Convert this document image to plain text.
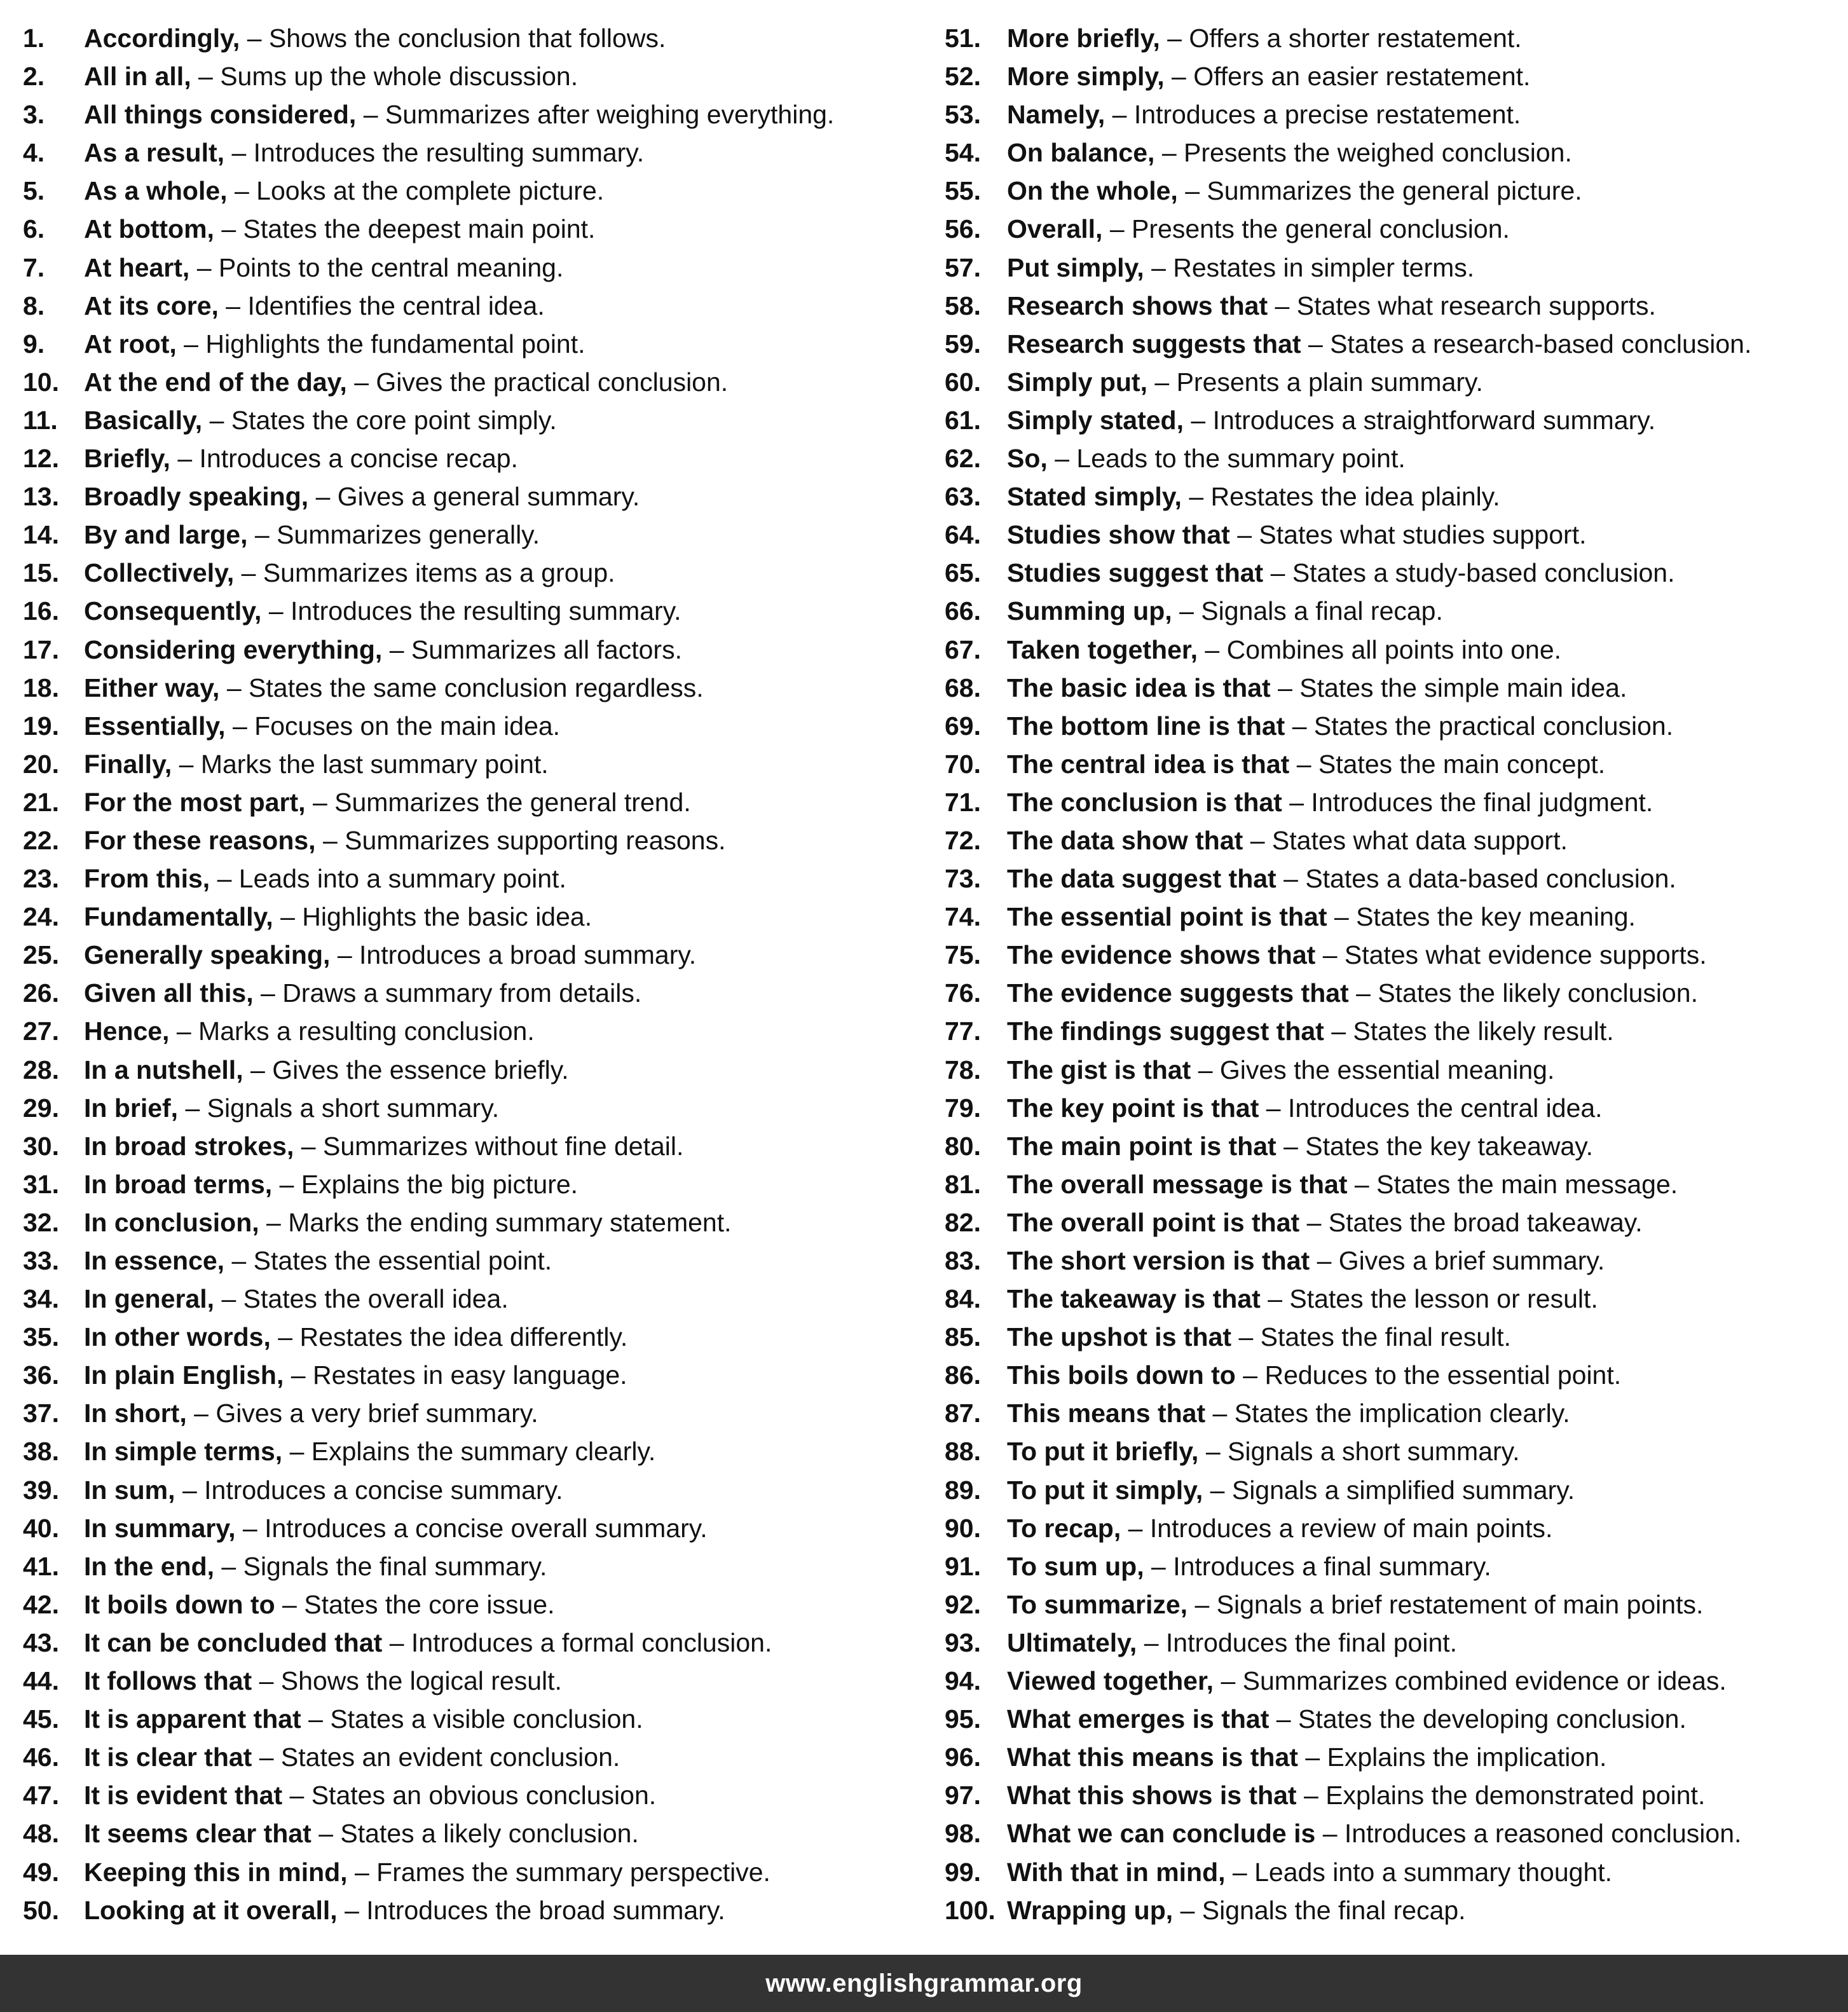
1.	Accordingly,
– Shows the conclusion that follows.
2.	All in all,
– Sums up the whole discussion.
3.	All things considered,
– Summarizes after weighing everything.
4.	As a result,
– Introduces the resulting summary.
5.	As a whole,
– Looks at the complete picture.
6.	At bottom,
– States the deepest main point.
7.	At heart,
– Points to the central meaning.
8.	At its core,
– Identifies the central idea.
9.	At root,
– Highlights the fundamental point.
10. At the end of the day,
– Gives the practical conclusion.
11.	Basically,
– States the core point simply.
12. Briefly,
– Introduces a concise recap.
13. Broadly speaking,
– Gives a general summary.
14. By and large,
– Summarizes generally.
15. Collectively,
– Summarizes items as a group.
16. Consequently,
– Introduces the resulting summary.
17. Considering everything,
– Summarizes all factors.
18. Either way,
– States the same conclusion regardless.
19. Essentially,
– Focuses on the main idea.
20. Finally,
– Marks the last summary point.
21. For the most part,
– Summarizes the general trend.
22. For these reasons,
– Summarizes supporting reasons.
23. From this,
– Leads into a summary point.
24. Fundamentally,
– Highlights the basic idea.
25. Generally speaking,
– Introduces a broad summary.
26. Given all this,
– Draws a summary from details.
27. Hence,
– Marks a resulting conclusion.
28. In a nutshell,
– Gives the essence briefly.
29. In brief,
– Signals a short summary.
30. In broad strokes,
– Summarizes without fine detail.
31. In broad terms,
– Explains the big picture.
32. In conclusion,
– Marks the ending summary statement.
33. In essence,
– States the essential point.
34. In general,
– States the overall idea.
35. In other words,
– Restates the idea differently.
36. In plain English,
– Restates in easy language.
37. In short,
– Gives a very brief summary.
38. In simple terms,
– Explains the summary clearly.
39. In sum,
– Introduces a concise summary.
40. In summary,
– Introduces a concise overall summary.
41. In the end,
– Signals the final summary.
42. It boils down to
– States the core issue.
43. It can be concluded that
– Introduces a formal conclusion.
44. It follows that
– Shows the logical result.
45. It is apparent that
– States a visible conclusion.
46. It is clear that
– States an evident conclusion.
47. It is evident that
– States an obvious conclusion.
48. It seems clear that
– States a likely conclusion.
49. Keeping this in mind,
– Frames the summary perspective.
50. Looking at it overall,
– Introduces the broad summary.
51.	More briefly,
– Offers a shorter restatement.
52.	More simply,
– Offers an easier restatement.
53.	Namely,
– Introduces a precise restatement.
54.	On balance,
– Presents the weighed conclusion.
55.	On the whole,
– Summarizes the general picture.
56.	Overall,
– Presents the general conclusion.
57.	Put simply,
– Restates in simpler terms.
58.	Research shows that
– States what research supports.
59.	Research suggests that
– States a research-based conclusion.
60.	Simply put,
– Presents a plain summary.
61.	Simply stated,
– Introduces a straightforward summary.
62.	So,
– Leads to the summary point.
63.	Stated simply,
– Restates the idea plainly.
64.	Studies show that
– States what studies support.
65.	Studies suggest that
– States a study-based conclusion.
66.	Summing up,
– Signals a final recap.
67.	Taken together,
– Combines all points into one.
68.	The basic idea is that
– States the simple main idea.
69.	The bottom line is that
– States the practical conclusion.
70.	The central idea is that
– States the main concept.
71.	The conclusion is that
– Introduces the final judgment.
72.	The data show that
– States what data support.
73.	The data suggest that
– States a data-based conclusion.
74.	The essential point is that
– States the key meaning.
75.	The evidence shows that
– States what evidence supports.
76.	The evidence suggests that
– States the likely conclusion.
77.	The findings suggest that
– States the likely result.
78.	The gist is that
– Gives the essential meaning.
79.	The key point is that
– Introduces the central idea.
80.	The main point is that
– States the key takeaway.
81.	The overall message is that
– States the main message.
82.	The overall point is that
– States the broad takeaway.
83.	The short version is that
– Gives a brief summary.
84.	The takeaway is that
– States the lesson or result.
85.	The upshot is that
– States the final result.
86.	This boils down to
– Reduces to the essential point.
87.	This means that
– States the implication clearly.
88.	To put it briefly,
– Signals a short summary.
89.	To put it simply,
– Signals a simplified summary.
90.	To recap,
– Introduces a review of main points.
91.	To sum up,
– Introduces a final summary.
92.	To summarize,
– Signals a brief restatement of main points.
93.	Ultimately,
– Introduces the final point.
94.	Viewed together,
– Summarizes combined evidence or ideas.
95.	What emerges is that
– States the developing conclusion.
96.	What this means is that
– Explains the implication.
97.	What this shows is that
– Explains the demonstrated point.
98.	What we can conclude is
– Introduces a reasoned conclusion.
99.	With that in mind,
– Leads into a summary thought.
100. Wrapping up,
– Signals the final recap.
www.englishgrammar.org
